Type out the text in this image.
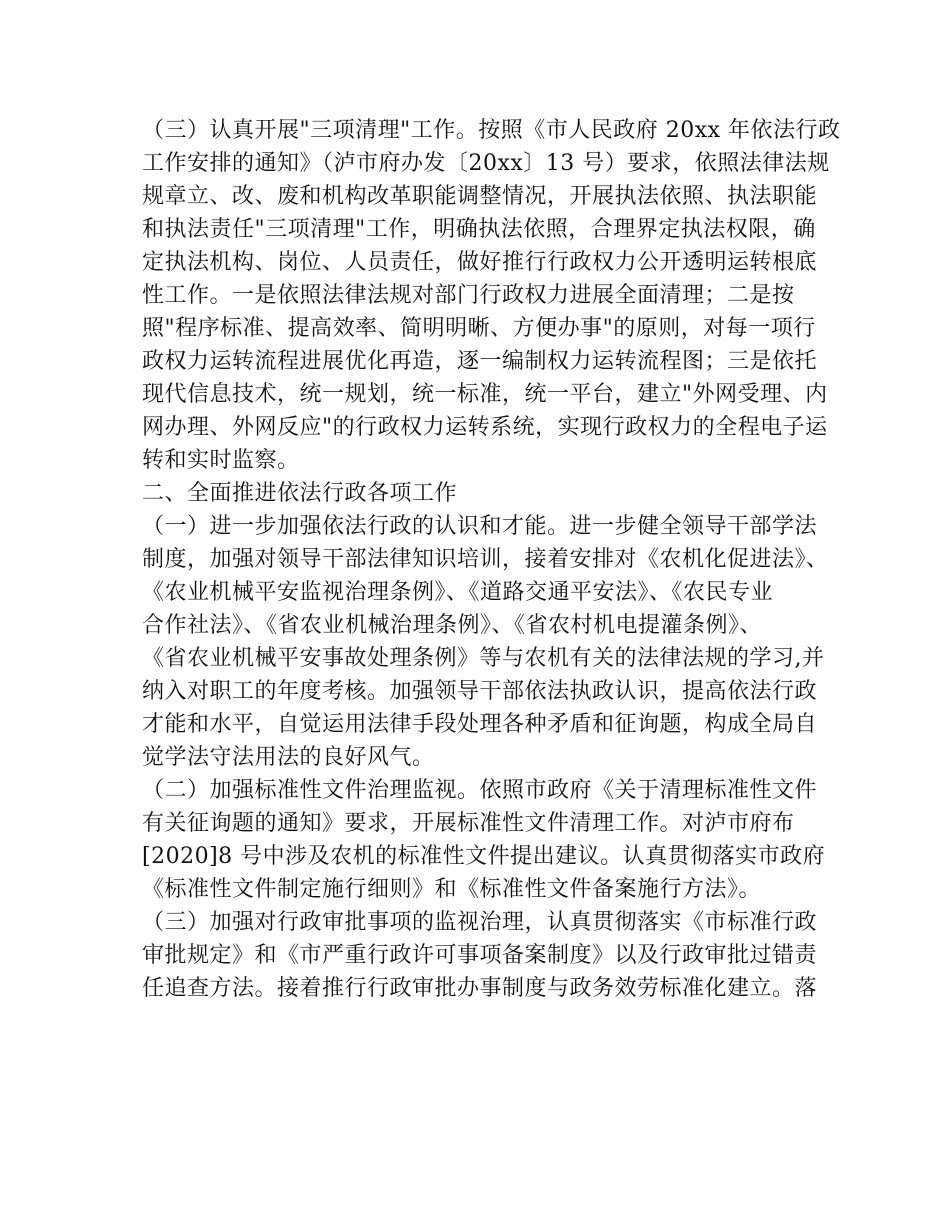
（三）认真开展"三项清理"工作。按照《市人民政府 20xx 年依法行政
工作安排的通知》（泸市府办发〔20xx〕13 号）要求，依照法律法规
规章立、改、废和机构改革职能调整情况，开展执法依照、执法职能
和执法责任"三项清理"工作，明确执法依照，合理界定执法权限，确
定执法机构、岗位、人员责任，做好推行行政权力公开透明运转根底
性工作。一是依照法律法规对部门行政权力进展全面清理；二是按
照"程序标准、提高效率、简明明晰、方便办事"的原则，对每一项行
政权力运转流程进展优化再造，逐一编制权力运转流程图；三是依托
现代信息技术，统一规划，统一标准，统一平台，建立"外网受理、内
网办理、外网反应"的行政权力运转系统，实现行政权力的全程电子运
转和实时监察。
二、全面推进依法行政各项工作
（一）进一步加强依法行政的认识和才能。进一步健全领导干部学法
制度，加强对领导干部法律知识培训，接着安排对《农机化促进法》、
《农业机械平安监视治理条例》、《道路交通平安法》、《农民专业
合作社法》、《省农业机械治理条例》、《省农村机电提灌条例》、
《省农业机械平安事故处理条例》等与农机有关的法律法规的学习,并
纳入对职工的年度考核。加强领导干部依法执政认识，提高依法行政
才能和水平，自觉运用法律手段处理各种矛盾和征询题，构成全局自
觉学法守法用法的良好风气。
（二）加强标准性文件治理监视。依照市政府《关于清理标准性文件
有关征询题的通知》要求，开展标准性文件清理工作。对泸市府布
[2020]8 号中涉及农机的标准性文件提出建议。认真贯彻落实市政府
《标准性文件制定施行细则》和《标准性文件备案施行方法》。
（三）加强对行政审批事项的监视治理，认真贯彻落实《市标准行政
审批规定》和《市严重行政许可事项备案制度》以及行政审批过错责
任追查方法。接着推行行政审批办事制度与政务效劳标准化建立。落
